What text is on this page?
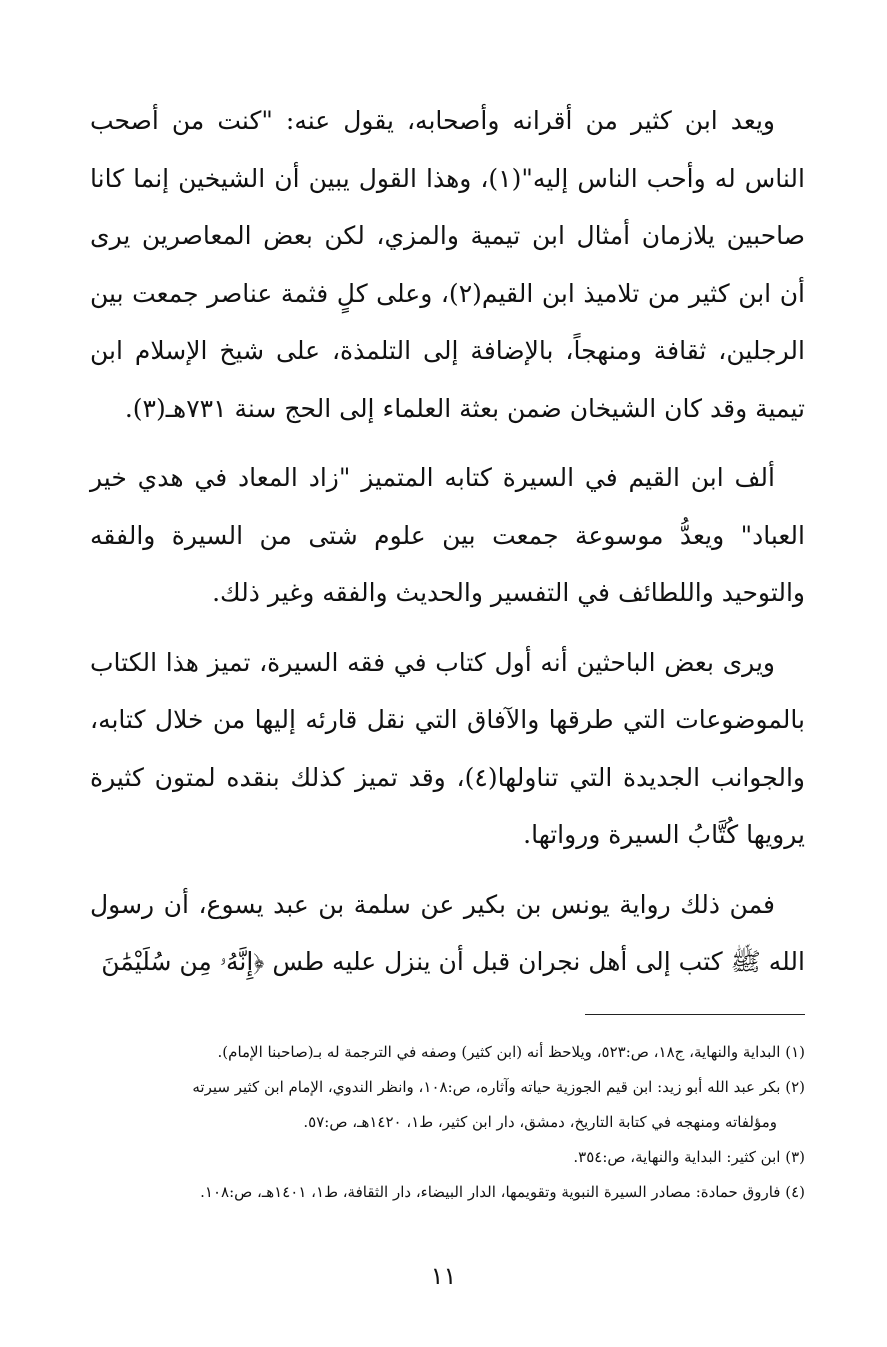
ويعد ابن كثير من أقرانه وأصحابه، يقول عنه: "كنت من أصحب الناس له وأحب الناس إليه"(١)، وهذا القول يبين أن الشيخين إنما كانا صاحبين يلازمان أمثال ابن تيمية والمزي، لكن بعض المعاصرين يرى أن ابن كثير من تلاميذ ابن القيم(٢)، وعلى كلٍ فثمة عناصر جمعت بين الرجلين، ثقافة ومنهجاً، بالإضافة إلى التلمذة، على شيخ الإسلام ابن تيمية وقد كان الشيخان ضمن بعثة العلماء إلى الحج سنة ٧٣١هـ(٣).

ألف ابن القيم في السيرة كتابه المتميز "زاد المعاد في هدي خير العباد" ويعدُّ موسوعة جمعت بين علوم شتى من السيرة والفقه والتوحيد واللطائف في التفسير والحديث والفقه وغير ذلك.

ويرى بعض الباحثين أنه أول كتاب في فقه السيرة، تميز هذا الكتاب بالموضوعات التي طرقها والآفاق التي نقل قارئه إليها من خلال كتابه، والجوانب الجديدة التي تناولها(٤)، وقد تميز كذلك بنقده لمتون كثيرة يرويها كُتَّابُ السيرة ورواتها.

فمن ذلك رواية يونس بن بكير عن سلمة بن عبد يسوع، أن رسول الله ﷺ كتب إلى أهل نجران قبل أن ينزل عليه طس ﴿إِنَّهُۥ مِن سُلَيْمَٰنَ

(١) البداية والنهاية، ج١٨، ص:٥٢٣، ويلاحظ أنه (ابن كثير) وصفه في الترجمة له بـ(صاحبنا الإمام).

(٢) بكر عبد الله أبو زيد: ابن قيم الجوزية حياته وآثاره، ص:١٠٨، وانظر الندوي، الإمام ابن كثير سيرته

ومؤلفاته ومنهجه في كتابة التاريخ، دمشق، دار ابن كثير، ط١، ١٤٢٠هـ، ص:٥٧.

(٣) ابن كثير: البداية والنهاية، ص:٣٥٤.

(٤) فاروق حمادة: مصادر السيرة النبوية وتقويمها، الدار البيضاء، دار الثقافة، ط١، ١٤٠١هـ، ص:١٠٨.

١١
